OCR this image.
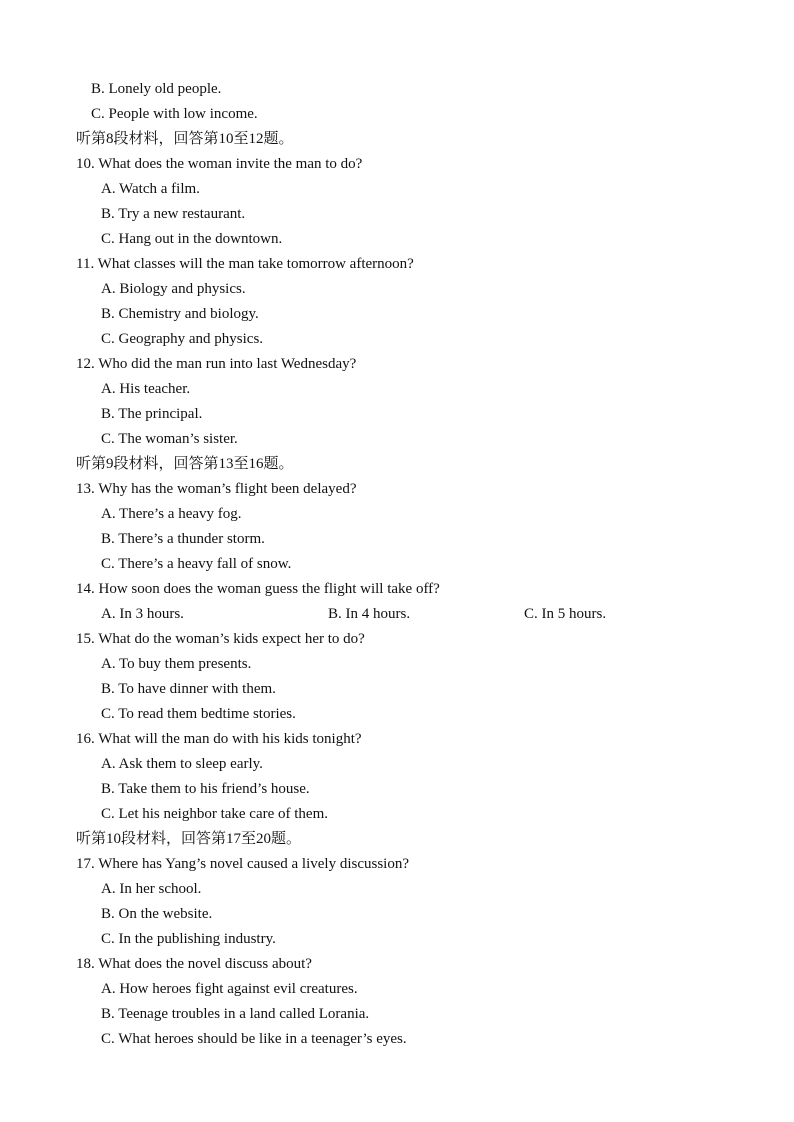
B. Lonely old people.
C. People with low income.
听第8段材料，回答第10至12题。
10. What does the woman invite the man to do?
A. Watch a film.
B. Try a new restaurant.
C. Hang out in the downtown.
11. What classes will the man take tomorrow afternoon?
A. Biology and physics.
B. Chemistry and biology.
C. Geography and physics.
12. Who did the man run into last Wednesday?
A. His teacher.
B. The principal.
C. The woman’s sister.
听第9段材料，回答第13至16题。
13. Why has the woman’s flight been delayed?
A. There’s a heavy fog.
B. There’s a thunder storm.
C. There’s a heavy fall of snow.
14. How soon does the woman guess the flight will take off?
A. In 3 hours.	B. In 4 hours.	C. In 5 hours.
15. What do the woman’s kids expect her to do?
A. To buy them presents.
B. To have dinner with them.
C. To read them bedtime stories.
16. What will the man do with his kids tonight?
A. Ask them to sleep early.
B. Take them to his friend’s house.
C. Let his neighbor take care of them.
听第10段材料，回答第17至20题。
17. Where has Yang’s novel caused a lively discussion?
A. In her school.
B. On the website.
C. In the publishing industry.
18. What does the novel discuss about?
A. How heroes fight against evil creatures.
B. Teenage troubles in a land called Lorania.
C. What heroes should be like in a teenager’s eyes.
